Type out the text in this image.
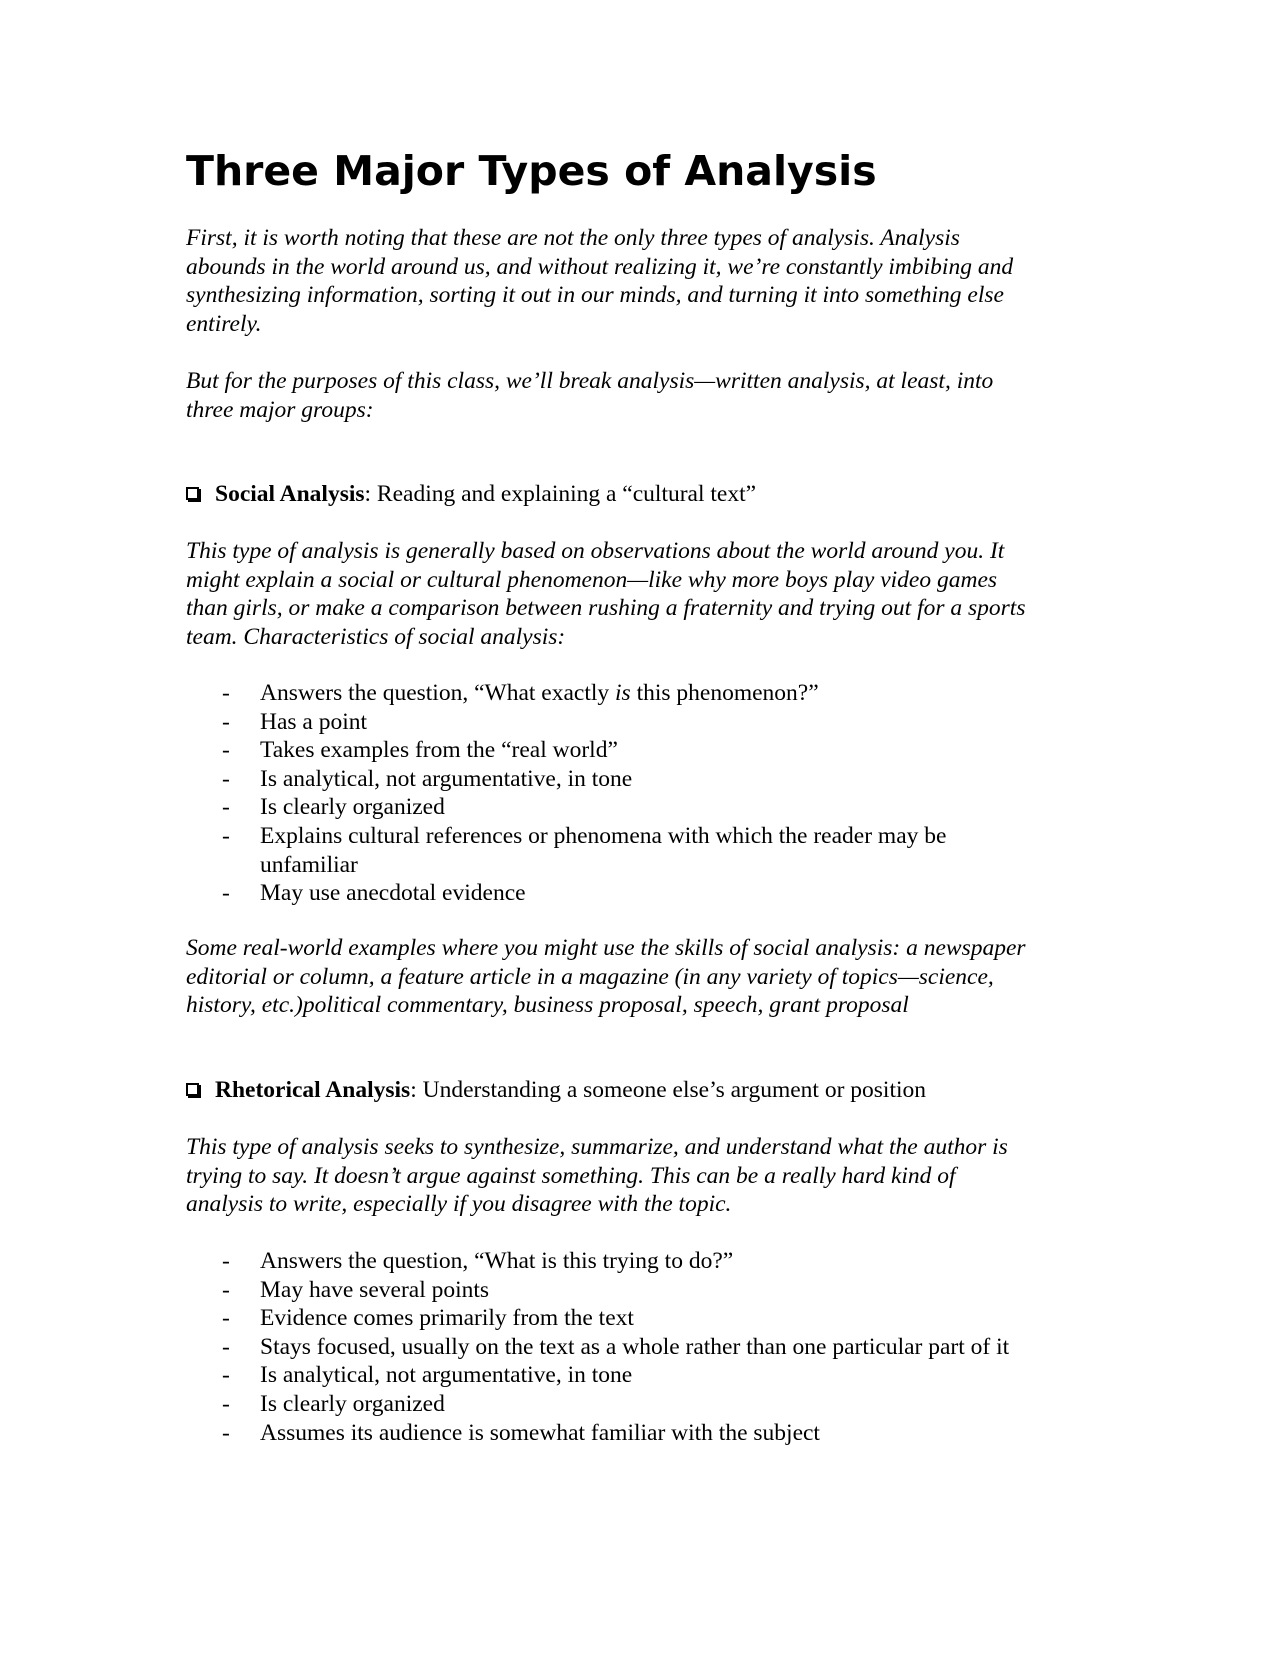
Three Major Types of Analysis
First, it is worth noting that these are not the only three types of analysis. Analysis
abounds in the world around us, and without realizing it, we’re constantly imbibing and
synthesizing information, sorting it out in our minds, and turning it into something else
entirely.
But for the purposes of this class, we’ll break analysis—written analysis, at least, into
three major groups:
Social Analysis: Reading and explaining a “cultural text”
This type of analysis is generally based on observations about the world around you. It
might explain a social or cultural phenomenon—like why more boys play video games
than girls, or make a comparison between rushing a fraternity and trying out for a sports
team. Characteristics of social analysis:
- Answers the question, “What exactly is this phenomenon?”
- Has a point
- Takes examples from the “real world”
- Is analytical, not argumentative, in tone
- Is clearly organized
- Explains cultural references or phenomena with which the reader may be
unfamiliar
- May use anecdotal evidence
Some real-world examples where you might use the skills of social analysis: a newspaper
editorial or column, a feature article in a magazine (in any variety of topics—science,
history, etc.)political commentary, business proposal, speech, grant proposal
Rhetorical Analysis: Understanding a someone else’s argument or position
This type of analysis seeks to synthesize, summarize, and understand what the author is
trying to say. It doesn’t argue against something. This can be a really hard kind of
analysis to write, especially if you disagree with the topic.
- Answers the question, “What is this trying to do?”
- May have several points
- Evidence comes primarily from the text
- Stays focused, usually on the text as a whole rather than one particular part of it
- Is analytical, not argumentative, in tone
- Is clearly organized
- Assumes its audience is somewhat familiar with the subject
